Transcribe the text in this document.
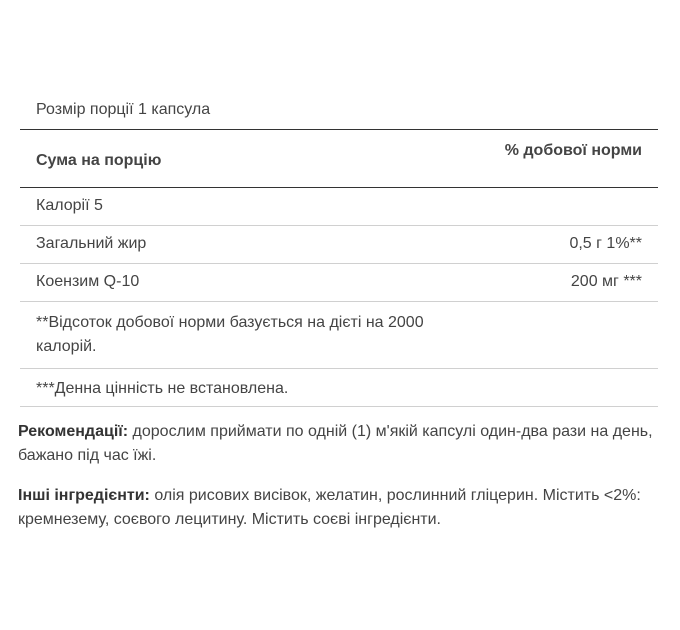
Розмір порції 1 капсула
Сума на порцію
% добової норми
Калорії 5
Загальний жир	0,5 г 1%**
Коензим Q-10	200 мг ***
**Відсоток добової норми базується на дієті на 2000 калорій.
***Денна цінність не встановлена.
Рекомендації: дорослим приймати по одній (1) м'якій капсулі один-два рази на день, бажано під час їжі.
Інші інгредієнти: олія рисових висівок, желатин, рослинний гліцерин. Містить <2%: кремнезему, соєвого лецитину. Містить соєві інгредієнти.
